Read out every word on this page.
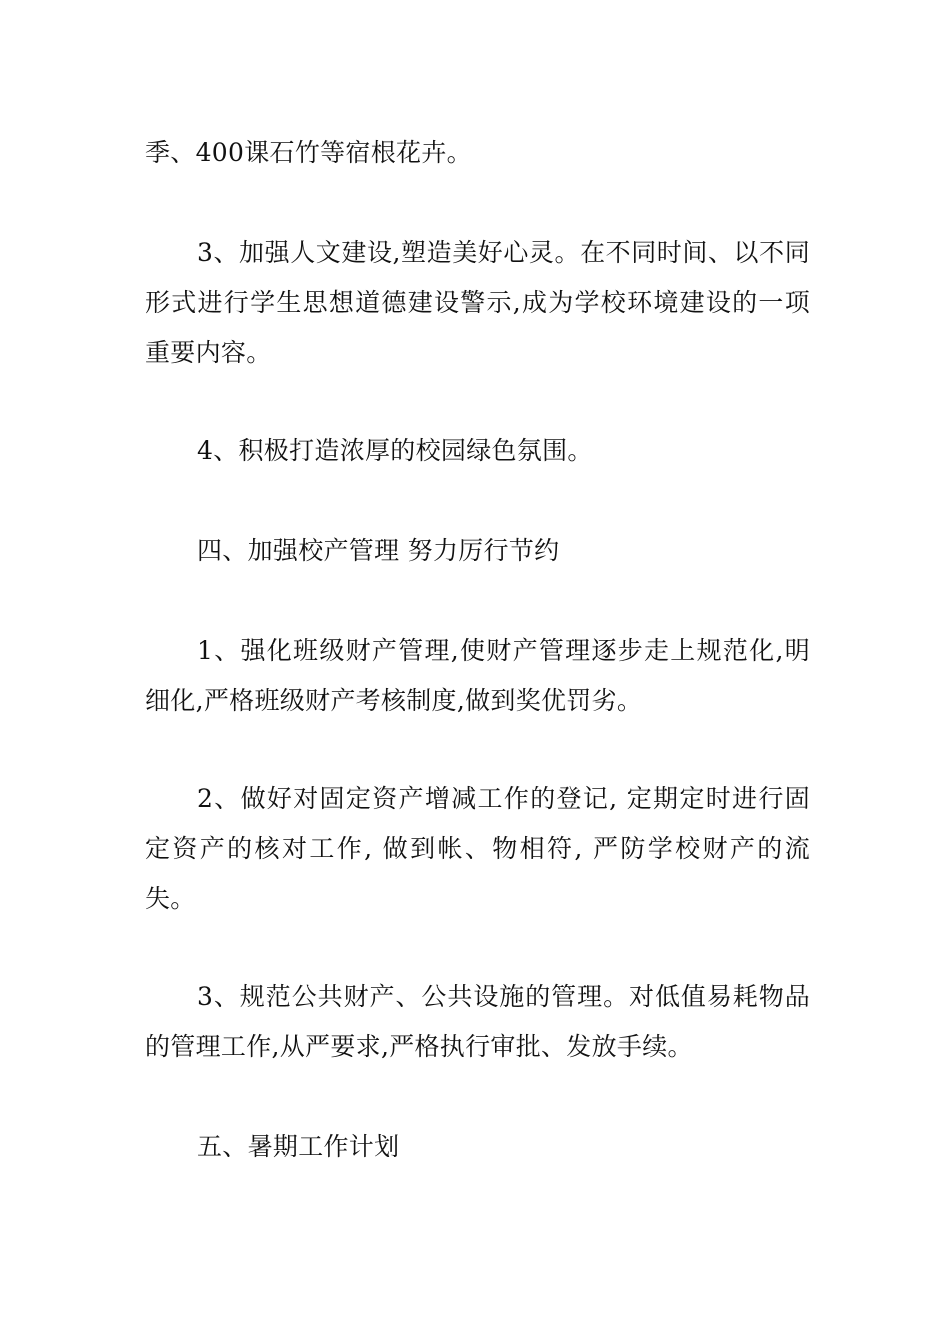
季、400课石竹等宿根花卉。

3、加强人文建设,塑造美好心灵。在不同时间、以不同形式进行学生思想道德建设警示,成为学校环境建设的一项重要内容。

4、积极打造浓厚的校园绿色氛围。

四、加强校产管理 努力厉行节约

1、强化班级财产管理,使财产管理逐步走上规范化,明细化,严格班级财产考核制度,做到奖优罚劣。

2、做好对固定资产增减工作的登记, 定期定时进行固定资产的核对工作, 做到帐、物相符, 严防学校财产的流失。

3、规范公共财产、公共设施的管理。对低值易耗物品的管理工作,从严要求,严格执行审批、发放手续。

五、暑期工作计划
